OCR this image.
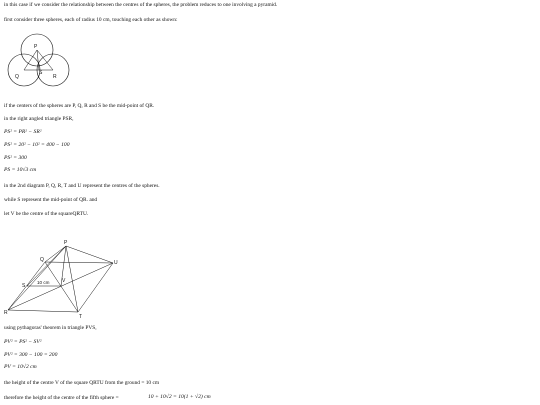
in this case if we consider the relationship between the centres of the spheres, the problem reduces to one involving a pyramid.
first consider three spheres, each of radius 10 cm, touching each other as shown:
P
Q	R
S
if the centers of the spheres are P, Q, R and S be the mid-point of QR.
in the right angled triangle PSR,
PS² = PR² − SR²
PS² = 20² − 10² = 400 − 100
PS² = 300
PS = 10√3 cm
in the 2nd diagram P, Q, R, T and U represent the centres of the spheres.
while S represent the mid-point of QR. and
let V be the centre of the squareQRTU.
P
Q
R
S
T
U
V
10 cm
using pythagoras' theorem in triangle PVS,
PV² = PS² − SV²
PV² = 300 − 100 = 200
PV = 10√2 cm
the height of the centre V of the square QRTU from the ground = 10 cm
therefore the height of the centre of the fifth sphere =	10 + 10√2 = 10(1 + √2) cm
